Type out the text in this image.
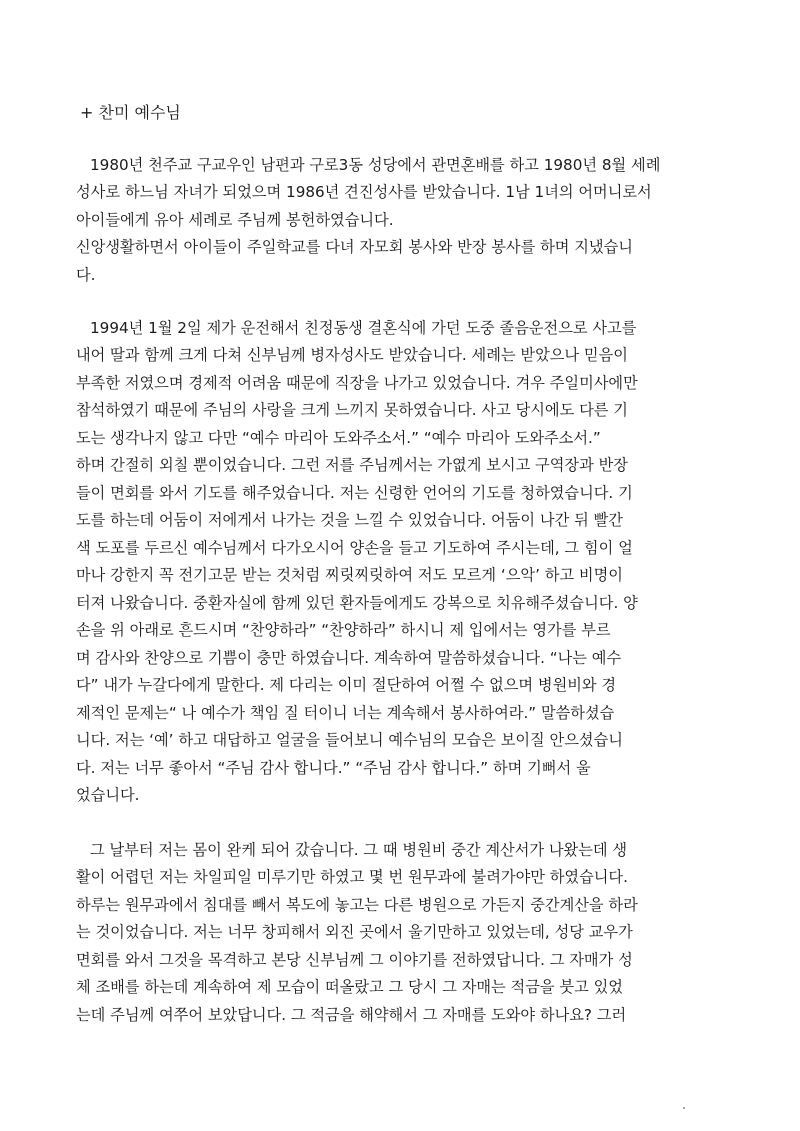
+ 찬미 예수님
1980년 천주교 구교우인 남편과 구로3동 성당에서 관면혼배를 하고 1980년 8월 세례
성사로 하느님 자녀가 되었으며 1986년 견진성사를 받았습니다. 1남 1녀의 어머니로서
아이들에게 유아 세례로 주님께 봉헌하였습니다.
신앙생활하면서 아이들이 주일학교를 다녀 자모회 봉사와 반장 봉사를 하며 지냈습니
다.
1994년 1월 2일 제가 운전해서 친정동생 결혼식에 가던 도중 졸음운전으로 사고를
내어 딸과 함께 크게 다쳐 신부님께 병자성사도 받았습니다. 세례는 받았으나 믿음이
부족한 저였으며 경제적 어려움 때문에 직장을 나가고 있었습니다. 겨우 주일미사에만
참석하였기 때문에 주님의 사랑을 크게 느끼지 못하였습니다. 사고 당시에도 다른 기
도는 생각나지 않고 다만 “예수 마리아 도와주소서.” “예수 마리아 도와주소서.”
하며 간절히 외칠 뿐이었습니다. 그런 저를 주님께서는 가엾게 보시고 구역장과 반장
들이 면회를 와서 기도를 해주었습니다. 저는 신령한 언어의 기도를 청하였습니다. 기
도를 하는데 어둠이 저에게서 나가는 것을 느낄 수 있었습니다. 어둠이 나간 뒤 빨간
색 도포를 두르신 예수님께서 다가오시어 양손을 들고 기도하여 주시는데, 그 힘이 얼
마나 강한지 꼭 전기고문 받는 것처럼 찌릿찌릿하여 저도 모르게 ‘으악’ 하고 비명이
터져 나왔습니다. 중환자실에 함께 있던 환자들에게도 강복으로 치유해주셨습니다. 양
손을 위 아래로 흔드시며 “찬양하라” “찬양하라” 하시니 제 입에서는 영가를 부르
며 감사와 찬양으로 기쁨이 충만 하였습니다. 계속하여 말씀하셨습니다. “나는 예수
다” 내가 누갈다에게 말한다. 제 다리는 이미 절단하여 어쩔 수 없으며 병원비와 경
제적인 문제는“ 나 예수가 책임 질 터이니 너는 계속해서 봉사하여라.” 말씀하셨습
니다. 저는 ‘예’ 하고 대답하고 얼굴을 들어보니 예수님의 모습은 보이질 안으셨습니
다. 저는 너무 좋아서 “주님 감사 합니다.” “주님 감사 합니다.” 하며 기뻐서 울
었습니다.
그 날부터 저는 몸이 완케 되어 갔습니다. 그 때 병원비 중간 계산서가 나왔는데 생
활이 어렵던 저는 차일피일 미루기만 하였고 몇 번 원무과에 불려가야만 하였습니다.
하루는 원무과에서 침대를 빼서 복도에 놓고는 다른 병원으로 가든지 중간계산을 하라
는 것이었습니다. 저는 너무 창피해서 외진 곳에서 울기만하고 있었는데, 성당 교우가
면회를 와서 그것을 목격하고 본당 신부님께 그 이야기를 전하였답니다. 그 자매가 성
체 조배를 하는데 계속하여 제 모습이 떠올랐고 그 당시 그 자매는 적금을 붓고 있었
는데 주님께 여쭈어 보았답니다. 그 적금을 해약해서 그 자매를 도와야 하나요? 그러
